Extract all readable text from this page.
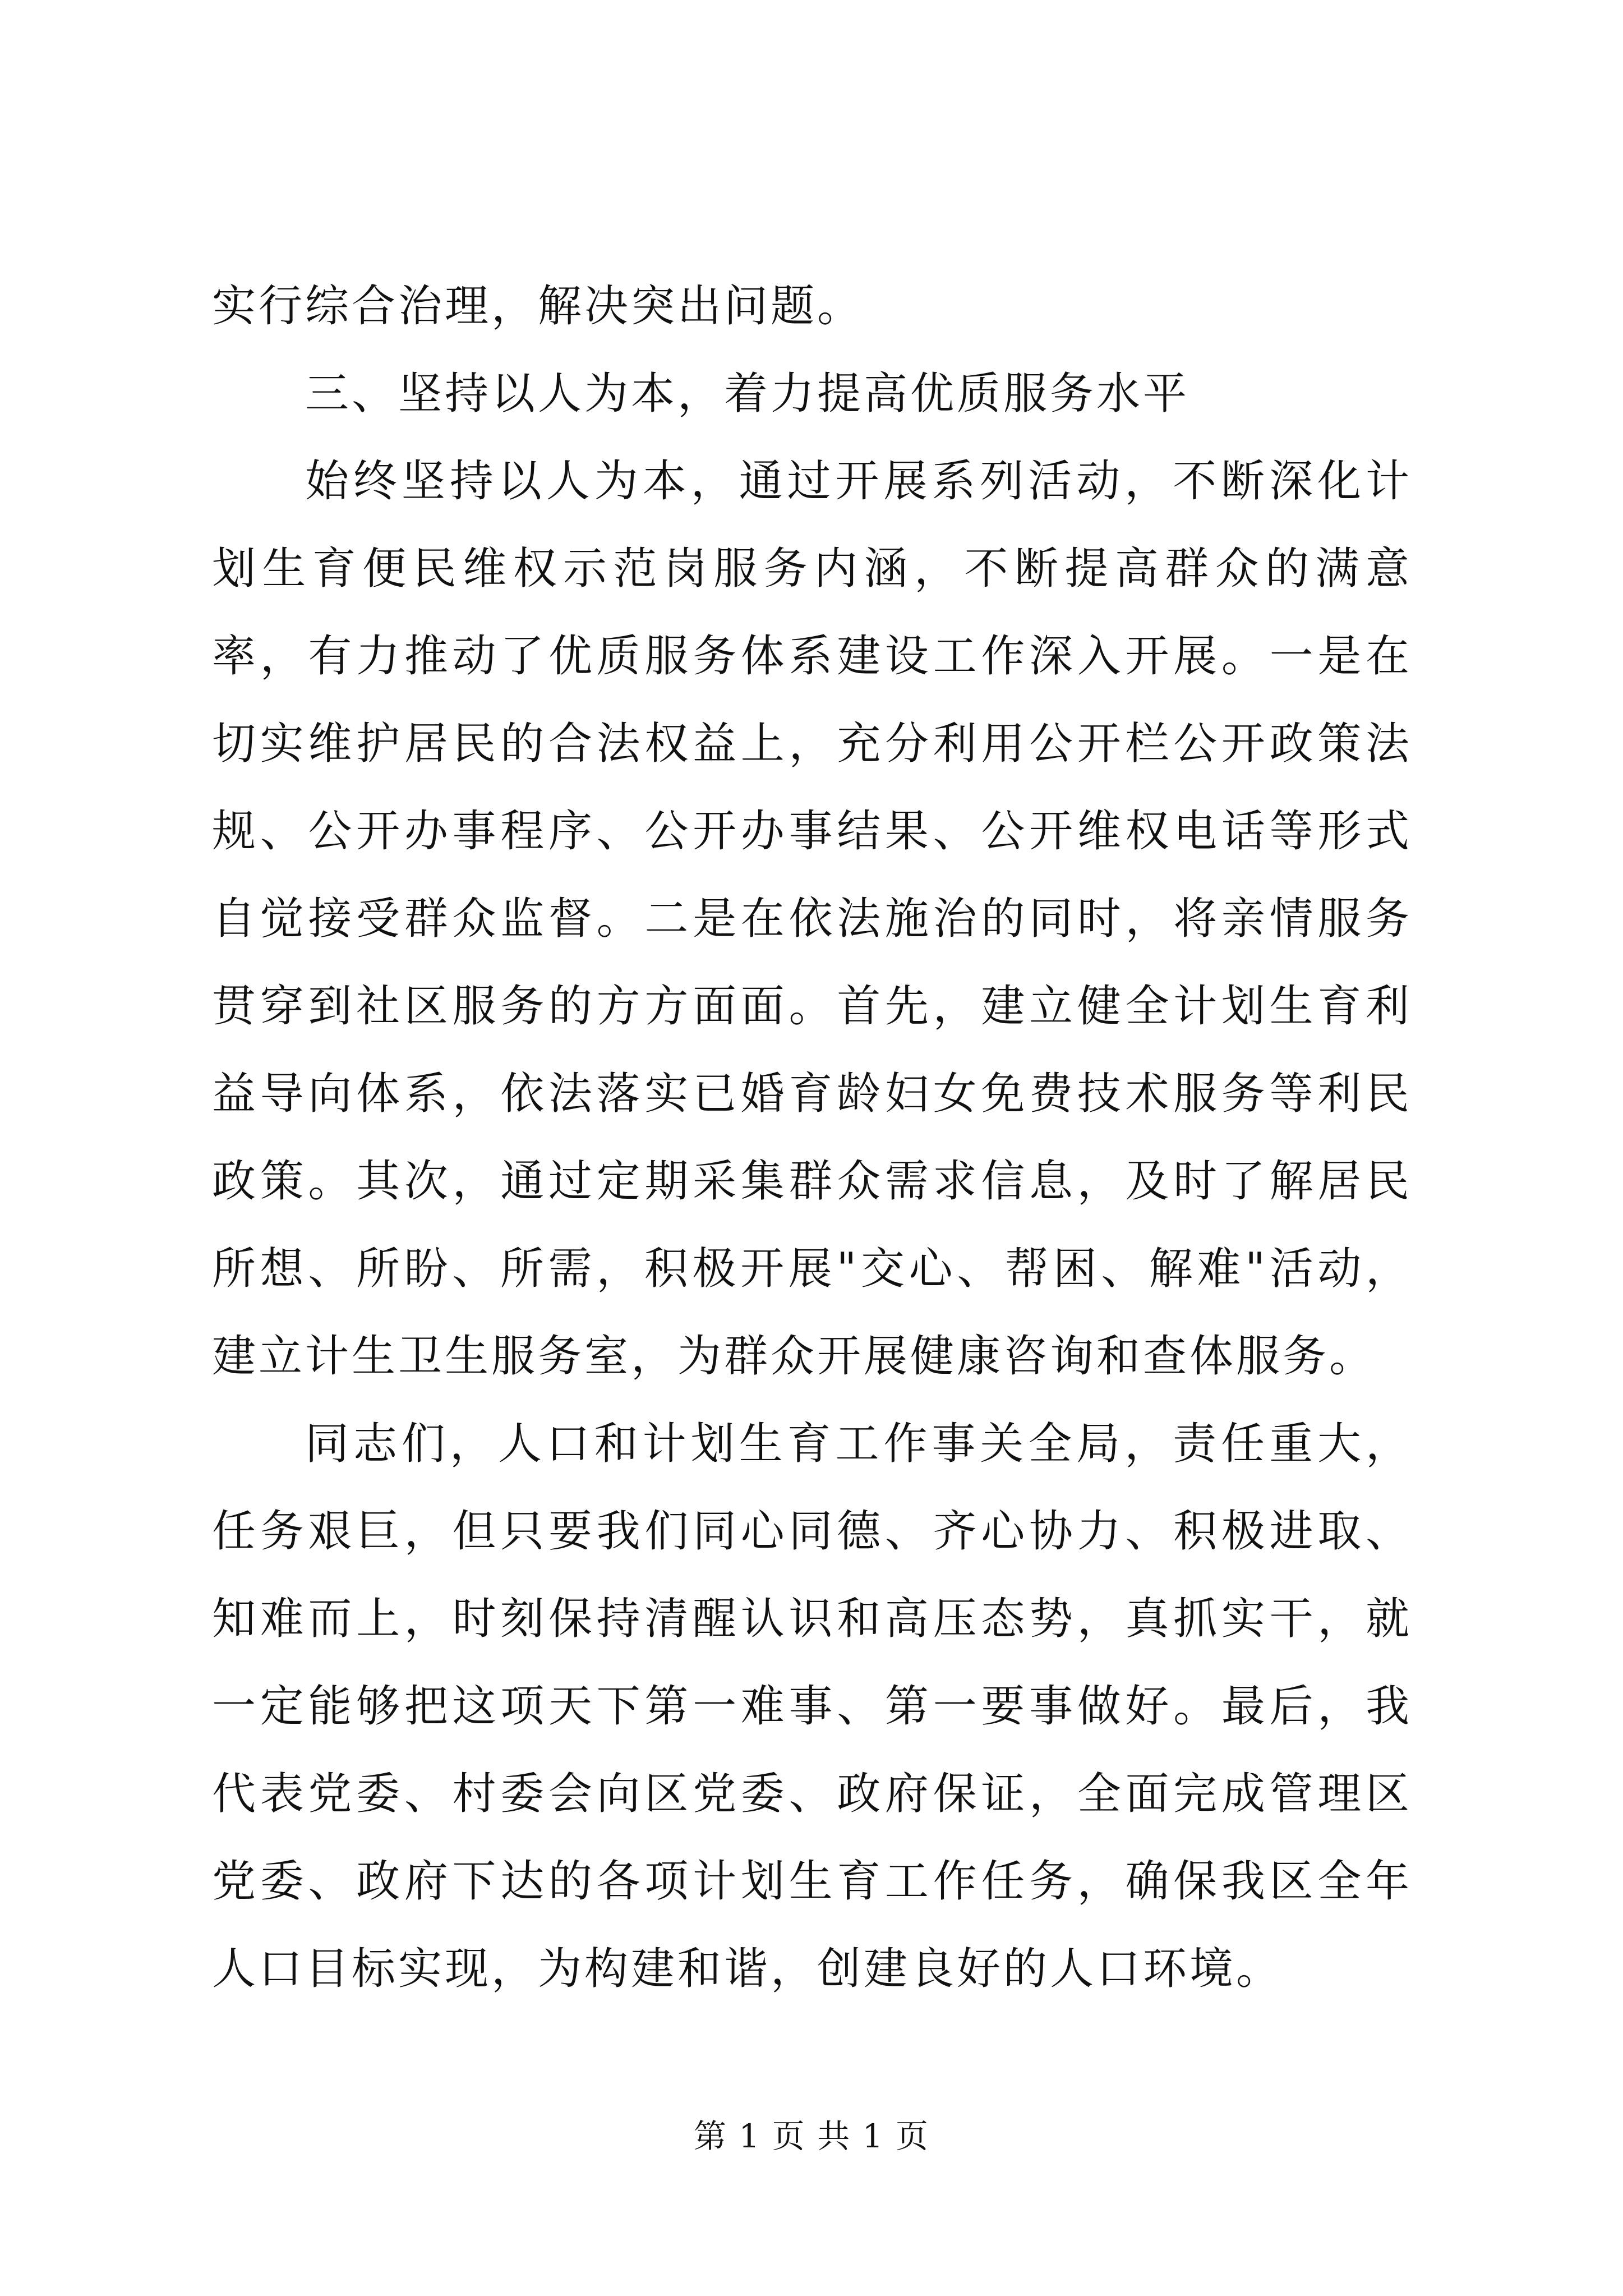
实行综合治理，解决突出问题。

三、坚持以人为本，着力提高优质服务水平

始终坚持以人为本，通过开展系列活动，不断深化计划生育便民维权示范岗服务内涵，不断提高群众的满意率，有力推动了优质服务体系建设工作深入开展。一是在切实维护居民的合法权益上，充分利用公开栏公开政策法规、公开办事程序、公开办事结果、公开维权电话等形式自觉接受群众监督。二是在依法施治的同时，将亲情服务贯穿到社区服务的方方面面。首先，建立健全计划生育利益导向体系，依法落实已婚育龄妇女免费技术服务等利民政策。其次，通过定期采集群众需求信息，及时了解居民所想、所盼、所需，积极开展"交心、帮困、解难"活动，建立计生卫生服务室，为群众开展健康咨询和查体服务。

同志们，人口和计划生育工作事关全局，责任重大，任务艰巨，但只要我们同心同德、齐心协力、积极进取、知难而上，时刻保持清醒认识和高压态势，真抓实干，就一定能够把这项天下第一难事、第一要事做好。最后，我代表党委、村委会向区党委、政府保证，全面完成管理区党委、政府下达的各项计划生育工作任务，确保我区全年人口目标实现，为构建和谐，创建良好的人口环境。

第 1 页 共 1 页
